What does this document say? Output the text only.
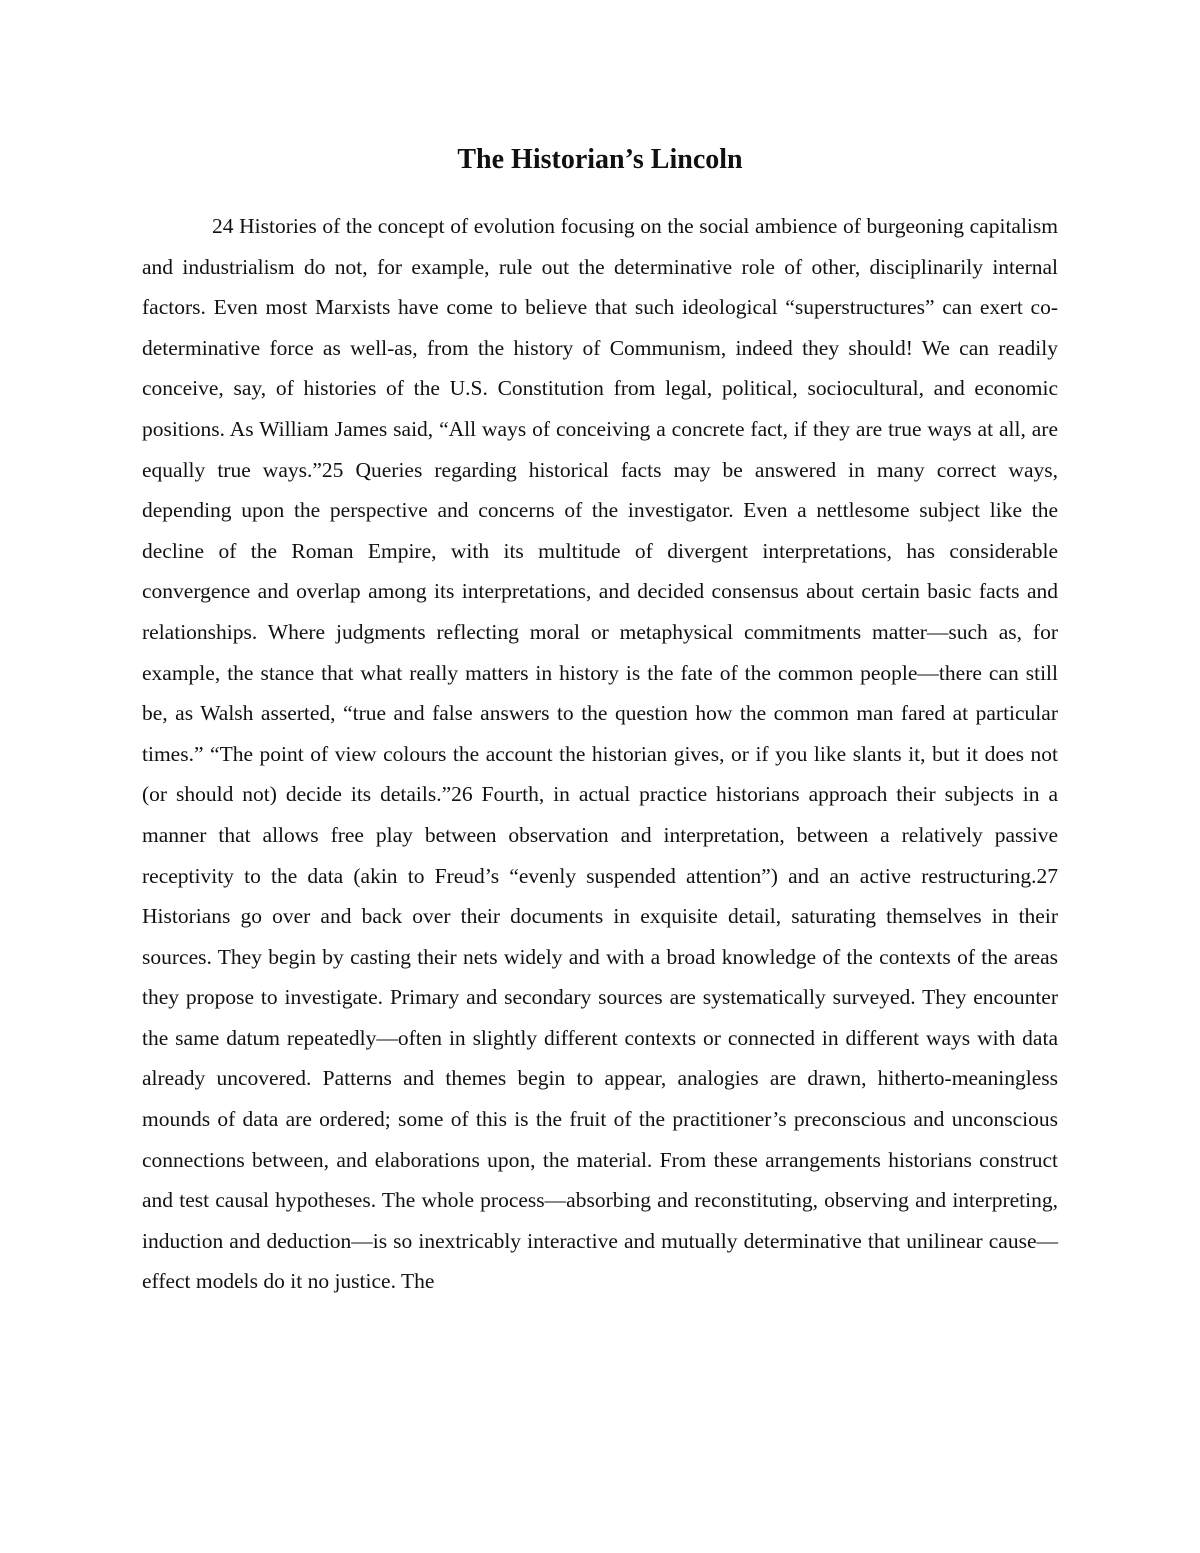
The Historian’s Lincoln

24 Histories of the concept of evolution focusing on the social ambience of burgeoning capitalism and industrialism do not, for example, rule out the determinative role of other, disciplinarily internal factors. Even most Marxists have come to believe that such ideological “superstructures” can exert co-determinative force as well-as, from the history of Communism, indeed they should! We can readily conceive, say, of histories of the U.S. Constitution from legal, political, sociocultural, and economic positions. As William James said, “All ways of conceiving a concrete fact, if they are true ways at all, are equally true ways.”25 Queries regarding historical facts may be answered in many correct ways, depending upon the perspective and concerns of the investigator. Even a nettlesome subject like the decline of the Roman Empire, with its multitude of divergent interpretations, has considerable convergence and overlap among its interpretations, and decided consensus about certain basic facts and relationships. Where judgments reflecting moral or metaphysical commitments matter—such as, for example, the stance that what really matters in history is the fate of the common people—there can still be, as Walsh asserted, “true and false answers to the question how the common man fared at particular times.” “The point of view colours the account the historian gives, or if you like slants it, but it does not (or should not) decide its details.”26 Fourth, in actual practice historians approach their subjects in a manner that allows free play between observation and interpretation, between a relatively passive receptivity to the data (akin to Freud’s “evenly suspended attention”) and an active restructuring.27 Historians go over and back over their documents in exquisite detail, saturating themselves in their sources. They begin by casting their nets widely and with a broad knowledge of the contexts of the areas they propose to investigate. Primary and secondary sources are systematically surveyed. They encounter the same datum repeatedly—often in slightly different contexts or connected in different ways with data already uncovered. Patterns and themes begin to appear, analogies are drawn, hitherto-meaningless mounds of data are ordered; some of this is the fruit of the practitioner’s preconscious and unconscious connections between, and elaborations upon, the material. From these arrangements historians construct and test causal hypotheses. The whole process—absorbing and reconstituting, observing and interpreting, induction and deduction—is so inextricably interactive and mutually determinative that unilinear cause—effect models do it no justice. The
